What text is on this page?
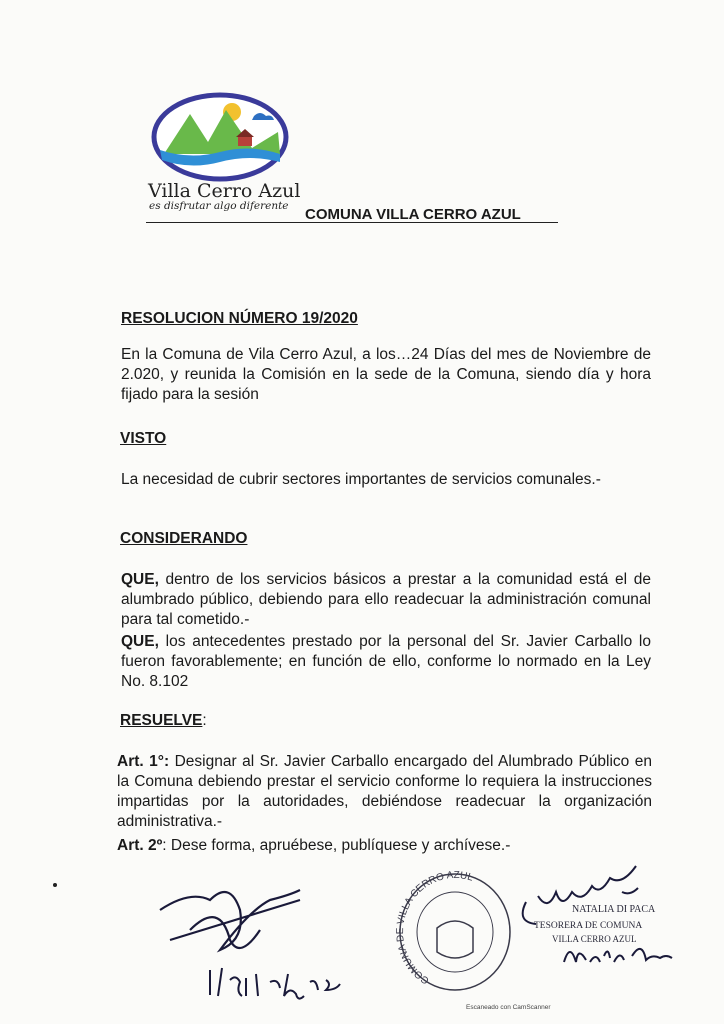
Villa Cerro Azul
es disfrutar algo diferente COMUNA VILLA CERRO AZUL
RESOLUCION NÚMERO 19/2020
En la Comuna de Vila Cerro Azul, a los…24 Días del mes de Noviembre de 2.020, y reunida la Comisión en la sede de la Comuna, siendo día y hora fijado para la sesión
VISTO
La necesidad de cubrir sectores importantes de servicios comunales.-
CONSIDERANDO
QUE, dentro de los servicios básicos a prestar a la comunidad está el de alumbrado público, debiendo para ello readecuar la administración comunal para tal cometido.-
QUE, los antecedentes prestado por la personal del Sr. Javier Carballo lo fueron favorablemente; en función de ello, conforme lo normado en la Ley No. 8.102
RESUELVE:
Art. 1°: Designar al Sr. Javier Carballo encargado del Alumbrado Público en la Comuna debiendo prestar el servicio conforme lo requiera la instrucciones impartidas por la autoridades, debiéndose readecuar la organización administrativa.-
Art. 2º: Dese forma, apruébese, publíquese y archívese.-
COMUNA DE VILLA CERRO AZUL
NATALIA DI PACA
TESORERA DE COMUNA
VILLA CERRO AZUL
Escaneado con CamScanner
